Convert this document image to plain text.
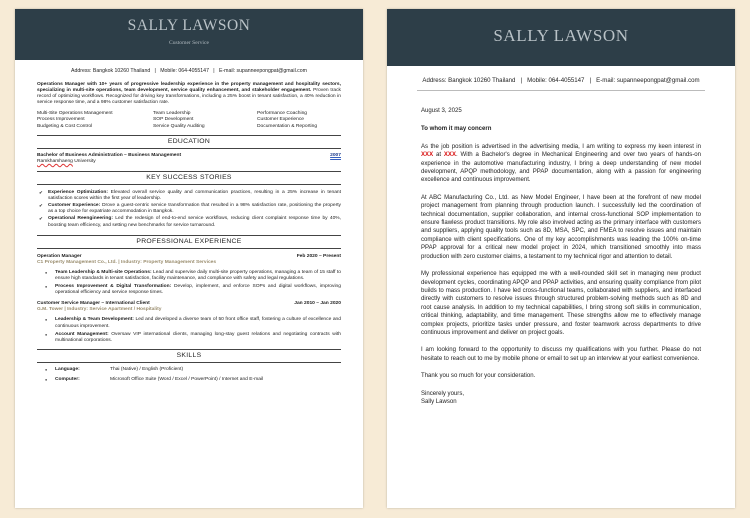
SALLY LAWSON
Customer Service
Address: Bangkok 10260 Thailand   |   Mobile: 064-4055147   |   E-mail: supanneepongpat@gmail.com
Operations Manager with 10+ years of progressive leadership experience in the property management and hospitality sectors, specializing in multi-site operations, team development, service quality enhancement, and stakeholder engagement. Proven track record of optimizing workflows. Recognized for driving key transformations, including a 25% boost in tenant satisfaction, a 40% reduction in service response time, and a 98% customer satisfaction rate.
Multi-Site Operations Management	Team Leadership	Performance Coaching
Process Improvement	SOP Development	Customer Experience
Budgeting & Cost Control	Service Quality Auditing	Documentation & Reporting
EDUCATION
Bachelor of Business Administration – Business Management	2007
Ramkhamhaeng University
KEY SUCCESS STORIES
✔ Experience Optimization: Elevated overall service quality and communication practices, resulting in a 25% increase in tenant satisfaction scores within the first year of leadership.
✔ Customer Experience: Drove a guest-centric service transformation that resulted in a 98% satisfaction rate, positioning the property as a top choice for expatriate accommodation in Bangkok.
✔ Operational Reengineering: Led the redesign of end-to-end service workflows, reducing client complaint response time by 40%, boosting team efficiency, and setting new benchmarks for service turnaround.
PROFESSIONAL EXPERIENCE
Operation Manager	Feb 2020 – Present
C1 Property Management Co., Ltd. | Industry: Property Management Services
● Team Leadership & Multi-site Operations: Lead and supervise daily multi-site property operations, managing a team of 15 staff to ensure high standards in tenant satisfaction, facility maintenance, and compliance with safety and legal regulations.
● Process Improvement & Digital Transformation: Develop, implement, and enforce SOPs and digital workflows, improving operational efficiency and service response times.
Customer Service Manager – International Client	Jan 2010 – Jan 2020
G.M. Tower | Industry: Service Apartment / Hospitality
● Leadership & Team Development: Led and developed a diverse team of 50 front office staff, fostering a culture of excellence and continuous improvement.
● Account Management: Oversaw VIP international clients, managing long-stay guest relations and negotiating contracts with multinational corporations.
SKILLS
●	Language:	Thai (Native) / English (Proficient)
●	Computer:	Microsoft Office Suite (Word / Excel / PowerPoint) / Internet and E-mail
SALLY LAWSON
Address: Bangkok 10260 Thailand   |   Mobile: 064-4055147   |   E-mail: supanneepongpat@gmail.com
August 3, 2025
To whom it may concern
As the job position is advertised in the advertising media, I am writing to express my keen interest in XXX at XXX. With a Bachelor's degree in Mechanical Engineering and over two years of hands-on experience in the automotive manufacturing industry, I bring a deep understanding of new model development, APQP methodology, and PPAP documentation, along with a passion for engineering excellence and continuous improvement.
At ABC Manufacturing Co., Ltd. as New Model Engineer, I have been at the forefront of new model project management from planning through production launch. I successfully led the coordination of technical documentation, supplier collaboration, and internal cross-functional SOP implementation to ensure flawless product transitions. My role also involved acting as the primary interface with customers and suppliers, applying quality tools such as 8D, MSA, SPC, and FMEA to resolve issues and maintain compliance with client specifications. One of my key accomplishments was leading the 100% on-time PPAP approval for a critical new model project in 2024, which transitioned smoothly into mass production with zero customer claims, a testament to my technical rigor and attention to detail.
My professional experience has equipped me with a well-rounded skill set in managing new product development cycles, coordinating APQP and PPAP activities, and ensuring quality compliance from pilot builds to mass production. I have led cross-functional teams, collaborated with suppliers, and interfaced directly with customers to resolve issues through structured problem-solving methods such as 8D and root cause analysis. In addition to my technical capabilities, I bring strong soft skills in communication, critical thinking, adaptability, and time management. These strengths allow me to effectively manage complex projects, prioritize tasks under pressure, and foster teamwork across departments to drive continuous improvement and deliver on project goals.
I am looking forward to the opportunity to discuss my qualifications with you further. Please do not hesitate to reach out to me by mobile phone or email to set up an interview at your earliest convenience.
Thank you so much for your consideration.
Sincerely yours,
Sally Lawson
